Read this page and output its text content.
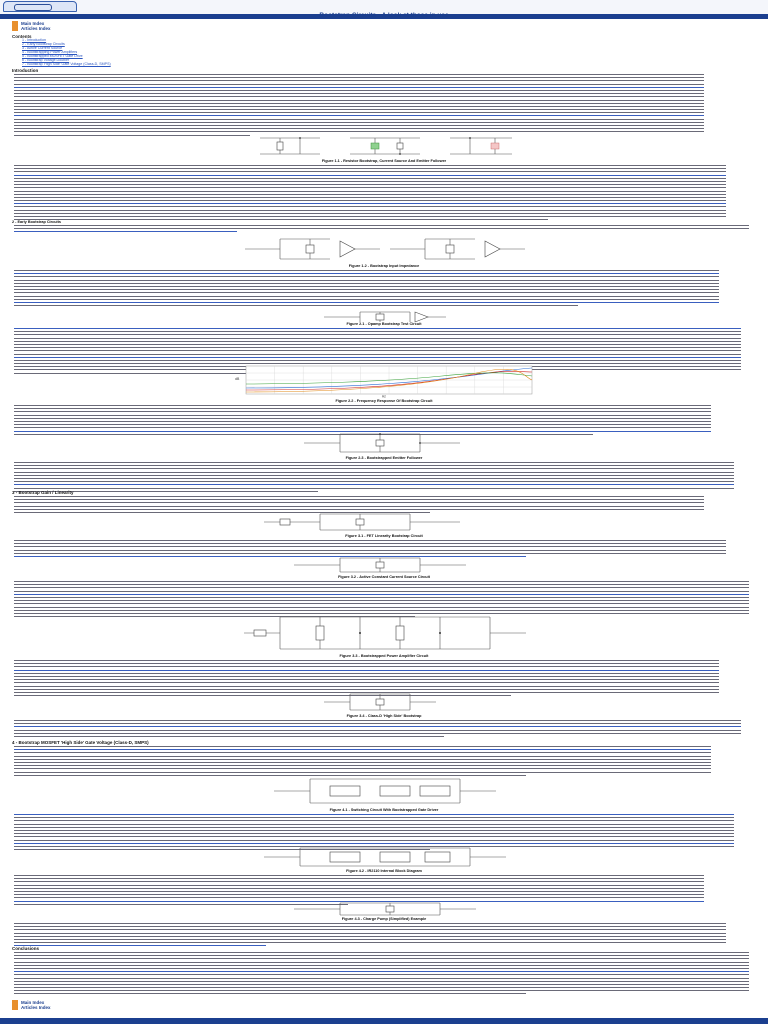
Bootstrap Circuits - A look at those in use
Main Index
Articles Index
Contents
1 - Introduction
2 - Early Bootstrap Circuits
3 - Active Current Source
4 - Bootstrapping Power Amplifiers
5 - Bootstrapped MOSFET Gate Drive
6 - Bootstrap Voltage Doubler
7 - Bootstrap 'High Side' Gate Voltage (Class-D, SMPS)
Introduction
Figure 1.1 - Resistor Bootstrap, Current Source And Emitter Follower
2 - Early Bootstrap Circuits
Figure 1.2 - Bootstrap Input Impedance
Figure 2.1 - Opamp Bootstrap Test Circuit
dB
Hz
Figure 2.2 - Frequency Response Of Bootstrap Circuit
Figure 2.3 - Bootstrapped Emitter Follower
3 - Bootstrap Gain / Linearity
Figure 3.1 - FET Linearity Bootstrap Circuit
Figure 3.2 - Active Constant Current Source Circuit
Figure 3.3 - Bootstrapped Power Amplifier Circuit
Figure 3.4 - Class-D 'High Side' Bootstrap
4 - Bootstrap MOSFET 'High Side' Gate Voltage (Class-D, SMPS)
Figure 4.1 - Switching Circuit With Bootstrapped Gate Driver
Figure 4.2 - IR2110 Internal Block Diagram
Figure 4.3 - Charge Pump (Simplified) Example
Conclusions
Main Index
Articles Index
